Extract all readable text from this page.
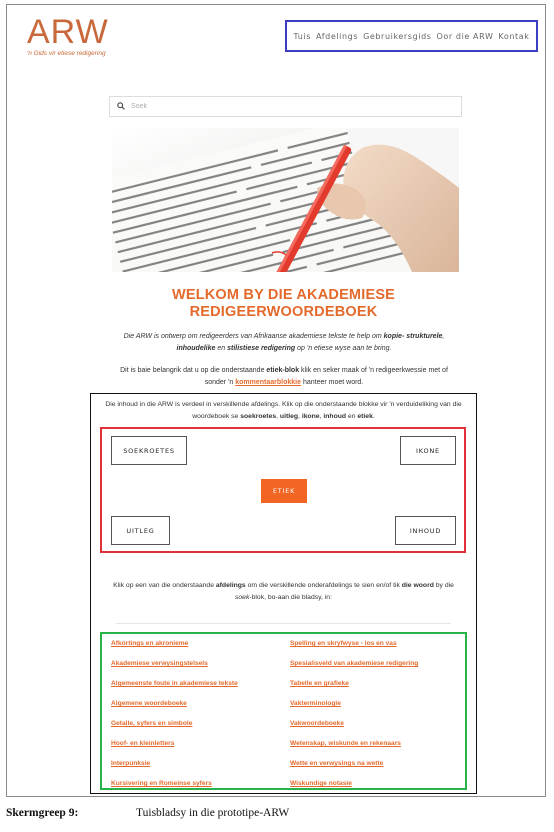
ARW
'n Gids vir etiese redigering
Tuis Afdelings Gebruikersgids Oor die ARW Kontak
Soek
WELKOM BY DIE AKADEMIESE REDIGEERWOORDEBOEK

Die ARW is ontwerp om redigeerders van Afrikaanse akademiese tekste te help om kopie- strukturele, inhoudelike en stilistiese redigering op 'n etiese wyse aan te bring.

Dit is baie belangrik dat u op die onderstaande etiek-blok klik en seker maak of 'n redigeerkwessie met of sonder 'n kommentaarblokkie hanteer moet word.

Die inhoud in die ARW is verdeel in verskillende afdelings. Klik op die onderstaande blokke vir 'n verduideliking van die woordeboek se soekroetes, uitleg, ikone, inhoud en etiek.

SOEKROETES	IKONE
ETIEK
UITLEG	INHOUD

Klik op een van die onderstaande afdelings om die verskillende onderafdelings te sien en/of tik die woord by die soek-blok, bo-aan die bladsy, in:

Afkortings en akronieme
Akademiese verwysingstelsels
Algemeenste foute in akademiese tekste
Algemene woordeboeke
Getalle, syfers en simbole
Hoof- en kleinletters
Interpunksie
Kursivering en Romeinse syfers
Spelling en skryfwyse - los en vas
Spesialisveld van akademiese redigering
Tabelle en grafieke
Vakterminologie
Vakwoordeboeke
Wetenskap, wiskunde en rekenaars
Wette en verwysings na wette
Wiskundige notasie
Skermgreep 9:	Tuisbladsy in die prototipe-ARW
